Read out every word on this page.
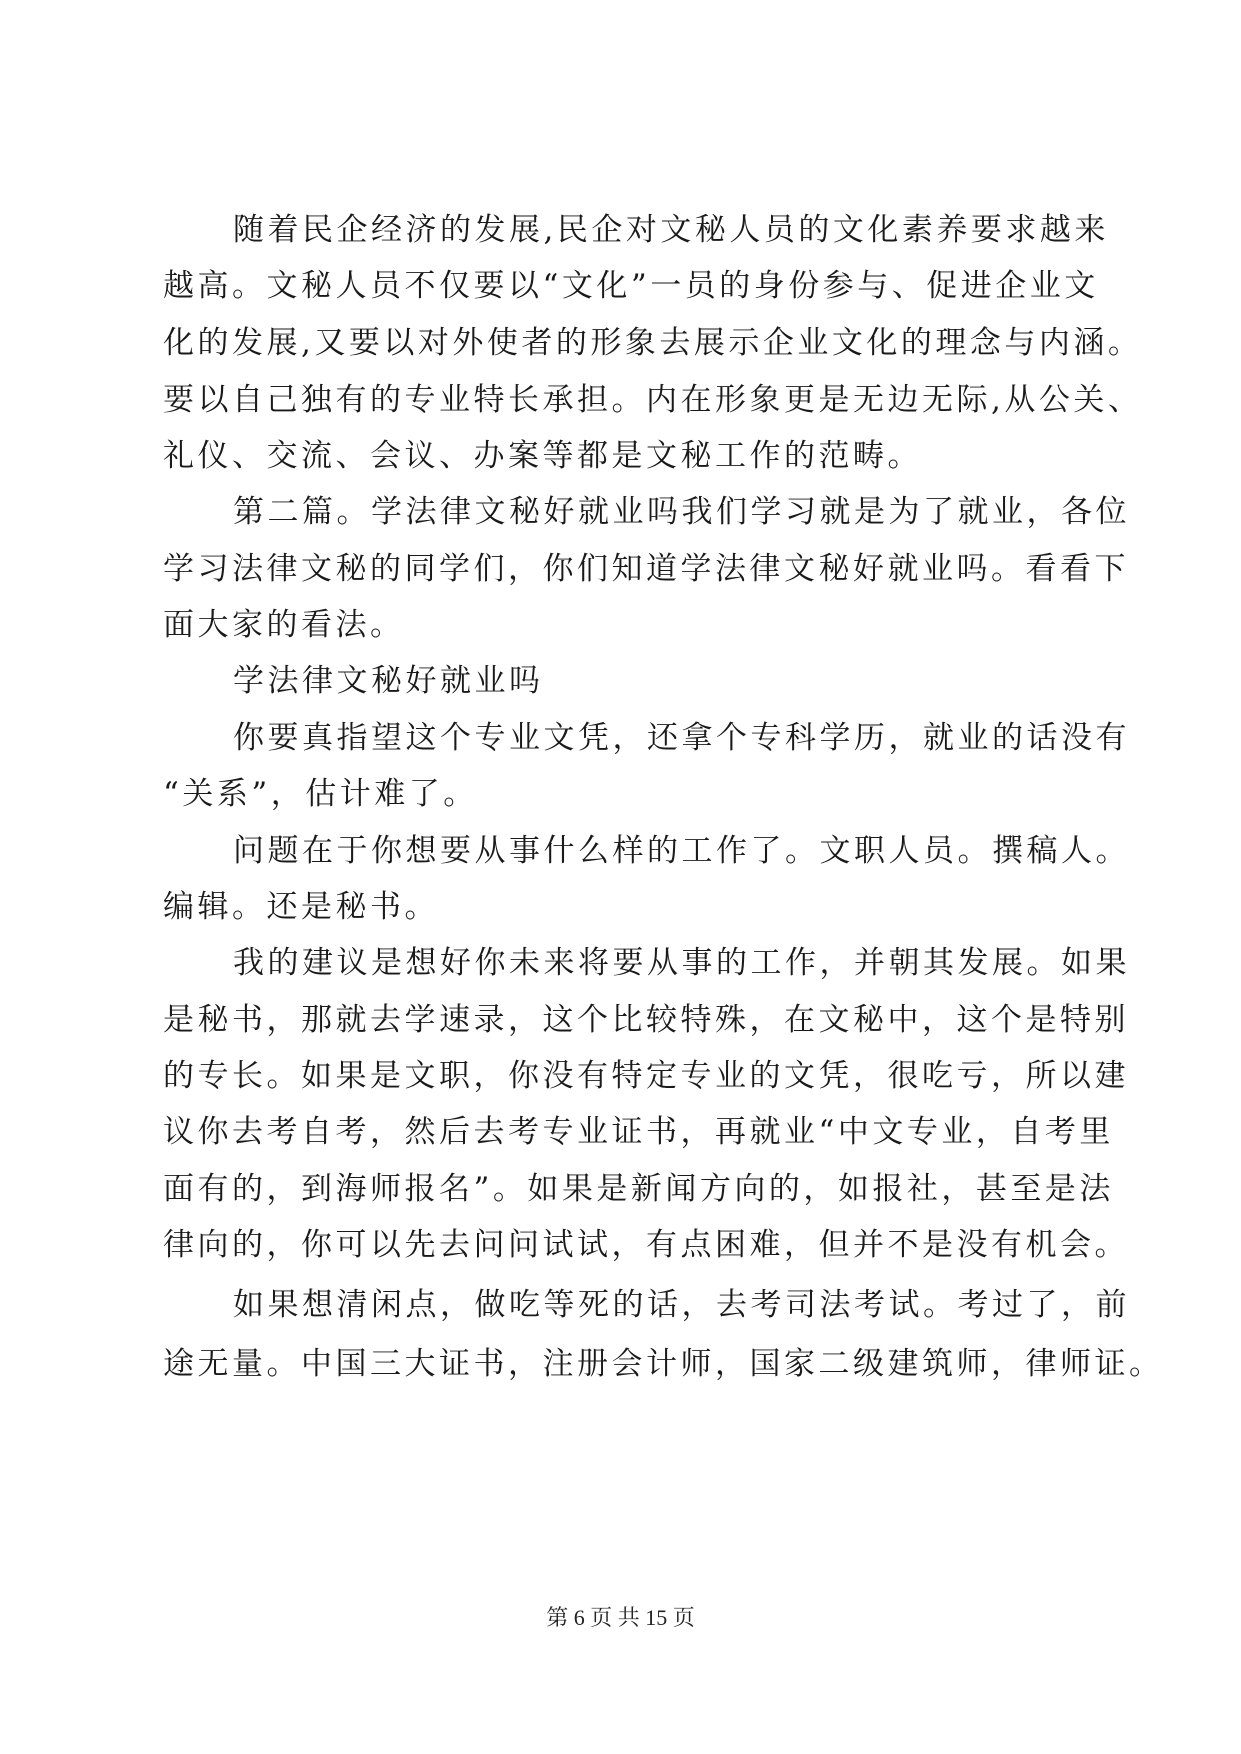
随着民企经济的发展,民企对文秘人员的文化素养要求越来
越高。文秘人员不仅要以“文化”一员的身份参与、促进企业文
化的发展,又要以对外使者的形象去展示企业文化的理念与内涵。
要以自己独有的专业特长承担。内在形象更是无边无际,从公关、
礼仪、交流、会议、办案等都是文秘工作的范畴。
第二篇。学法律文秘好就业吗我们学习就是为了就业，各位
学习法律文秘的同学们，你们知道学法律文秘好就业吗。看看下
面大家的看法。
学法律文秘好就业吗
你要真指望这个专业文凭，还拿个专科学历，就业的话没有
“关系”，估计难了。
问题在于你想要从事什么样的工作了。文职人员。撰稿人。
编辑。还是秘书。
我的建议是想好你未来将要从事的工作，并朝其发展。如果
是秘书，那就去学速录，这个比较特殊，在文秘中，这个是特别
的专长。如果是文职，你没有特定专业的文凭，很吃亏，所以建
议你去考自考，然后去考专业证书，再就业“中文专业，自考里
面有的，到海师报名”。如果是新闻方向的，如报社，甚至是法
律向的，你可以先去问问试试，有点困难，但并不是没有机会。
如果想清闲点，做吃等死的话，去考司法考试。考过了，前
途无量。中国三大证书，注册会计师，国家二级建筑师，律师证。
第 6 页 共 15 页
